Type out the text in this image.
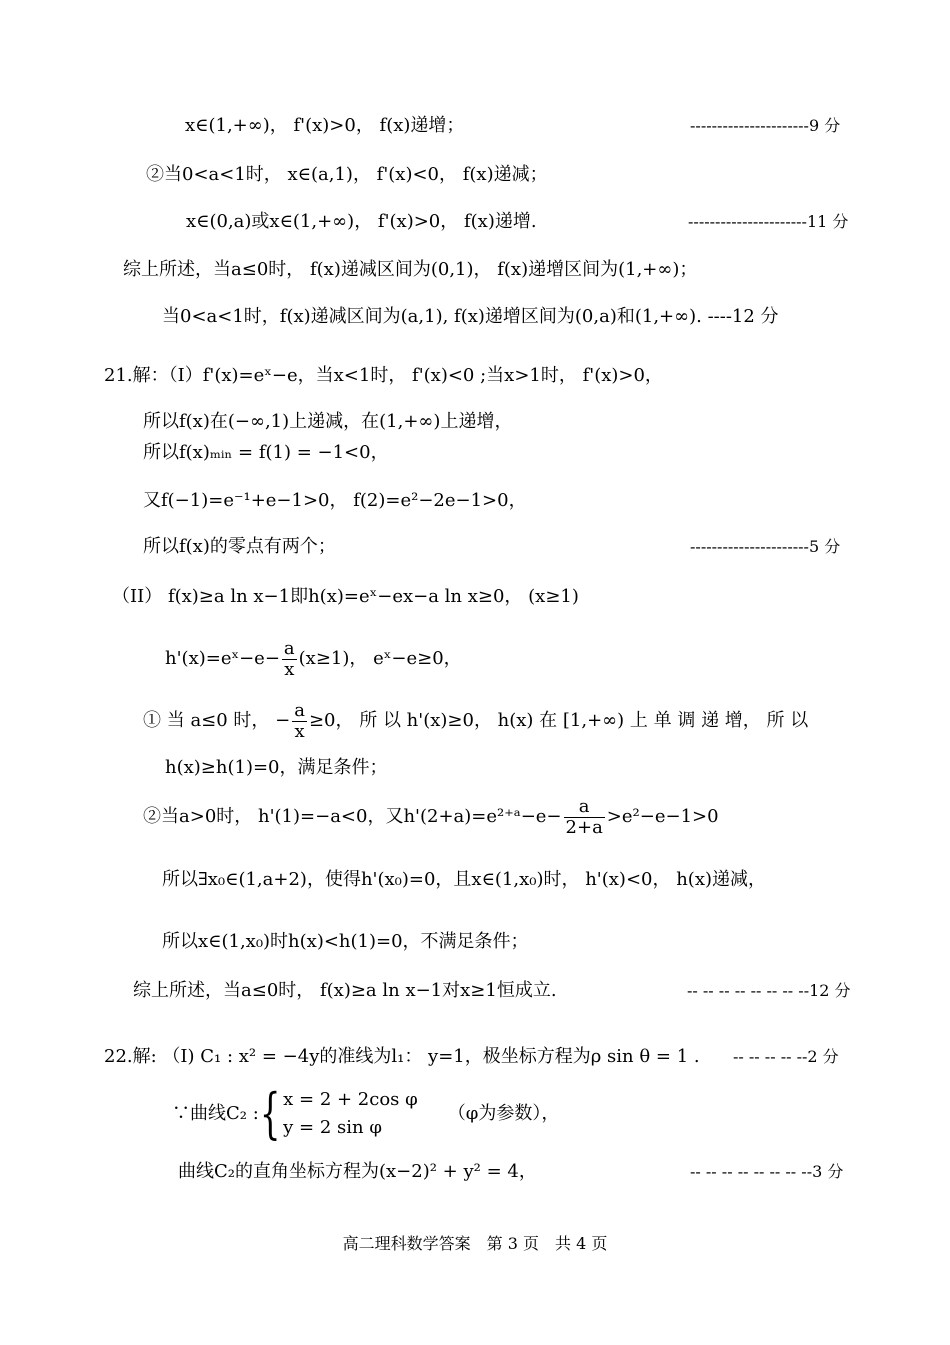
x∈(1,+∞)， f'(x)>0， f(x)递增；	----------------------9 分
②当0<a<1时， x∈(a,1)， f'(x)<0， f(x)递减；
x∈(0,a)或x∈(1,+∞)， f'(x)>0， f(x)递增.	----------------------11 分
综上所述，当a≤0时， f(x)递减区间为(0,1)， f(x)递增区间为(1,+∞)；
当0<a<1时，f(x)递减区间为(a,1), f(x)递增区间为(0,a)和(1,+∞). ----12 分
21.解：（I）f'(x)=eˣ−e，当x<1时， f'(x)<0 ;当x>1时， f'(x)>0，
所以f(x)在(−∞,1)上递减，在(1,+∞)上递增，
所以f(x)ₘᵢₙ = f(1) = −1<0，
又f(−1)=e⁻¹+e−1>0， f(2)=e²−2e−1>0，
所以f(x)的零点有两个；	----------------------5 分
（II） f(x)≥a ln x−1即h(x)=eˣ−ex−a ln x≥0， (x≥1)
h'(x)=eˣ−e− $\frac{a}{x} (x\ge 1)$， eˣ−e≥0，
① 当 a≤0 时， − $\frac{a}{x} \ge 0$， 所 以 h'(x)≥0， h(x) 在 [1,+∞) 上 单 调 递 增， 所 以
h(x)≥h(1)=0，满足条件；
②当a>0时， h'(1)=−a<0，又h'(2+a)=e²⁺ᵃ−e− $\frac{a}{2+a} >e^2-e-1>0$
所以∃x₀∈(1,a+2)，使得h'(x₀)=0，且x∈(1,x₀)时， h'(x)<0， h(x)递减，
所以x∈(1,x₀)时h(x)<h(1)=0，不满足条件；
综上所述，当a≤0时， f(x)≥a ln x−1对x≥1恒成立.	-- -- -- -- -- -- -- --12 分
22.解: （I) C₁ : x² = −4y的准线为l₁： y=1，极坐标方程为ρ sin θ = 1 . -- -- -- -- --2 分
∵曲线C₂ :{ x = 2 + 2cos φ
y = 2 sin φ
（φ为参数），
曲线C₂的直角坐标方程为(x−2)² + y² = 4，	-- -- -- -- -- -- -- --3 分
高二理科数学答案　第 3 页　共 4 页
